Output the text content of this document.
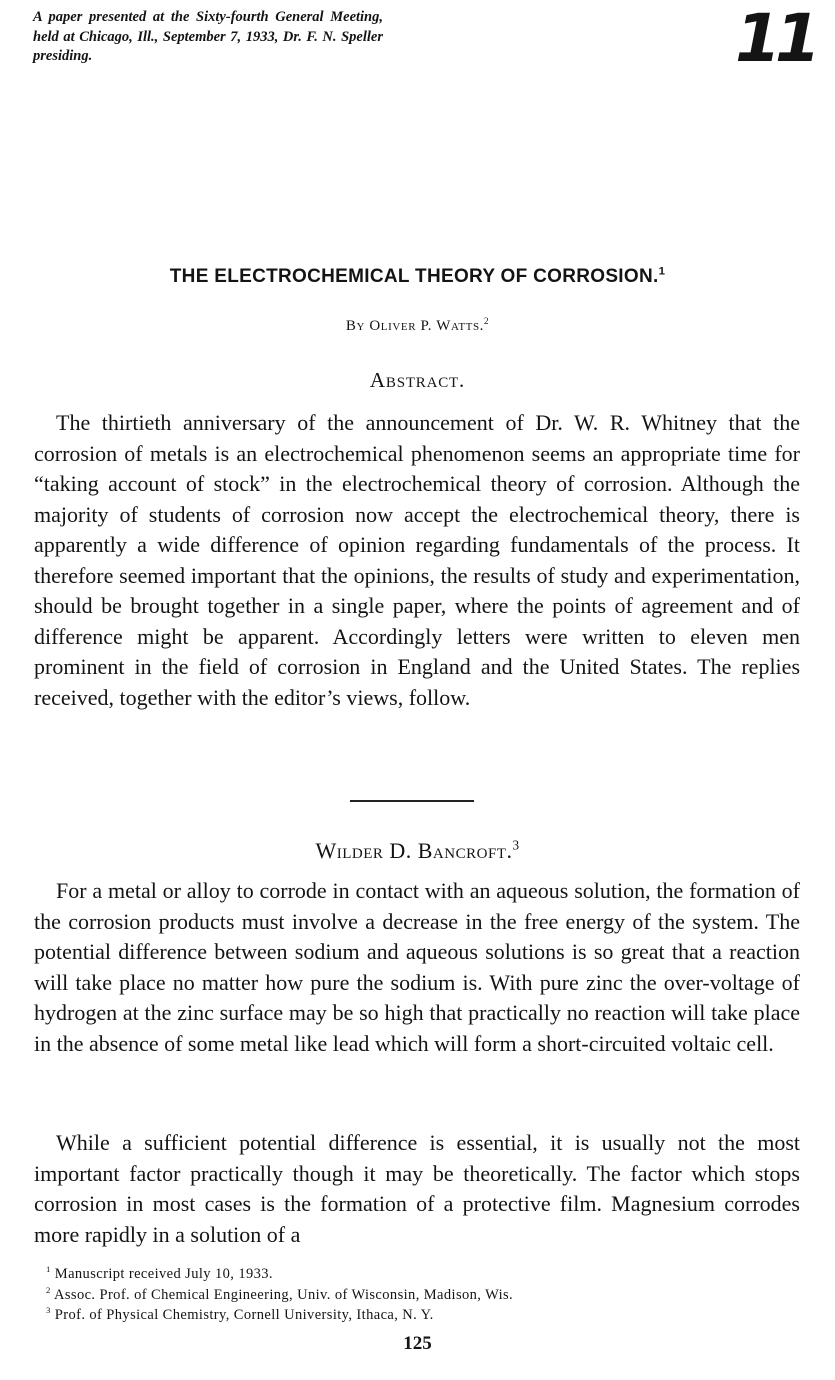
A paper presented at the Sixty-fourth General Meeting, held at Chicago, Ill., September 7, 1933, Dr. F. N. Speller
presiding.	11
THE ELECTROCHEMICAL THEORY OF CORROSION.$^1$
By Oliver P. Watts.$^2$
Abstract.
The thirtieth anniversary of the announcement of Dr. W. R. Whitney that the corrosion of metals is an electrochemical phenomenon seems an appropriate time for “taking account of stock” in the electrochemical theory of corrosion. Although the majority of students of corrosion now accept the electrochemical theory, there is apparently a wide difference of opinion regarding fundamentals of the process. It therefore seemed important that the opinions, the results of study and experimentation, should be brought together in a single paper, where the points of agreement and of difference might be apparent. Accordingly letters were written to eleven men prominent in the field of corrosion in England and the United States. The replies received, together with the editor’s views, follow.
Wilder D. Bancroft.$^3$
For a metal or alloy to corrode in contact with an aqueous solution, the formation of the corrosion products must involve a decrease in the free energy of the system. The potential difference between sodium and aqueous solutions is so great that a reaction will take place no matter how pure the sodium is. With pure zinc the over-voltage of hydrogen at the zinc surface may be so high that practically no reaction will take place in the absence of some metal like lead which will form a short-circuited voltaic cell.
While a sufficient potential difference is essential, it is usually not the most important factor practically though it may be theoretically. The factor which stops corrosion in most cases is the formation of a protective film. Magnesium corrodes more rapidly in a solution of a
$^1$ Manuscript received July 10, 1933.
$^2$ Assoc. Prof. of Chemical Engineering, Univ. of Wisconsin, Madison, Wis.
$^3$ Prof. of Physical Chemistry, Cornell University, Ithaca, N. Y.
125
